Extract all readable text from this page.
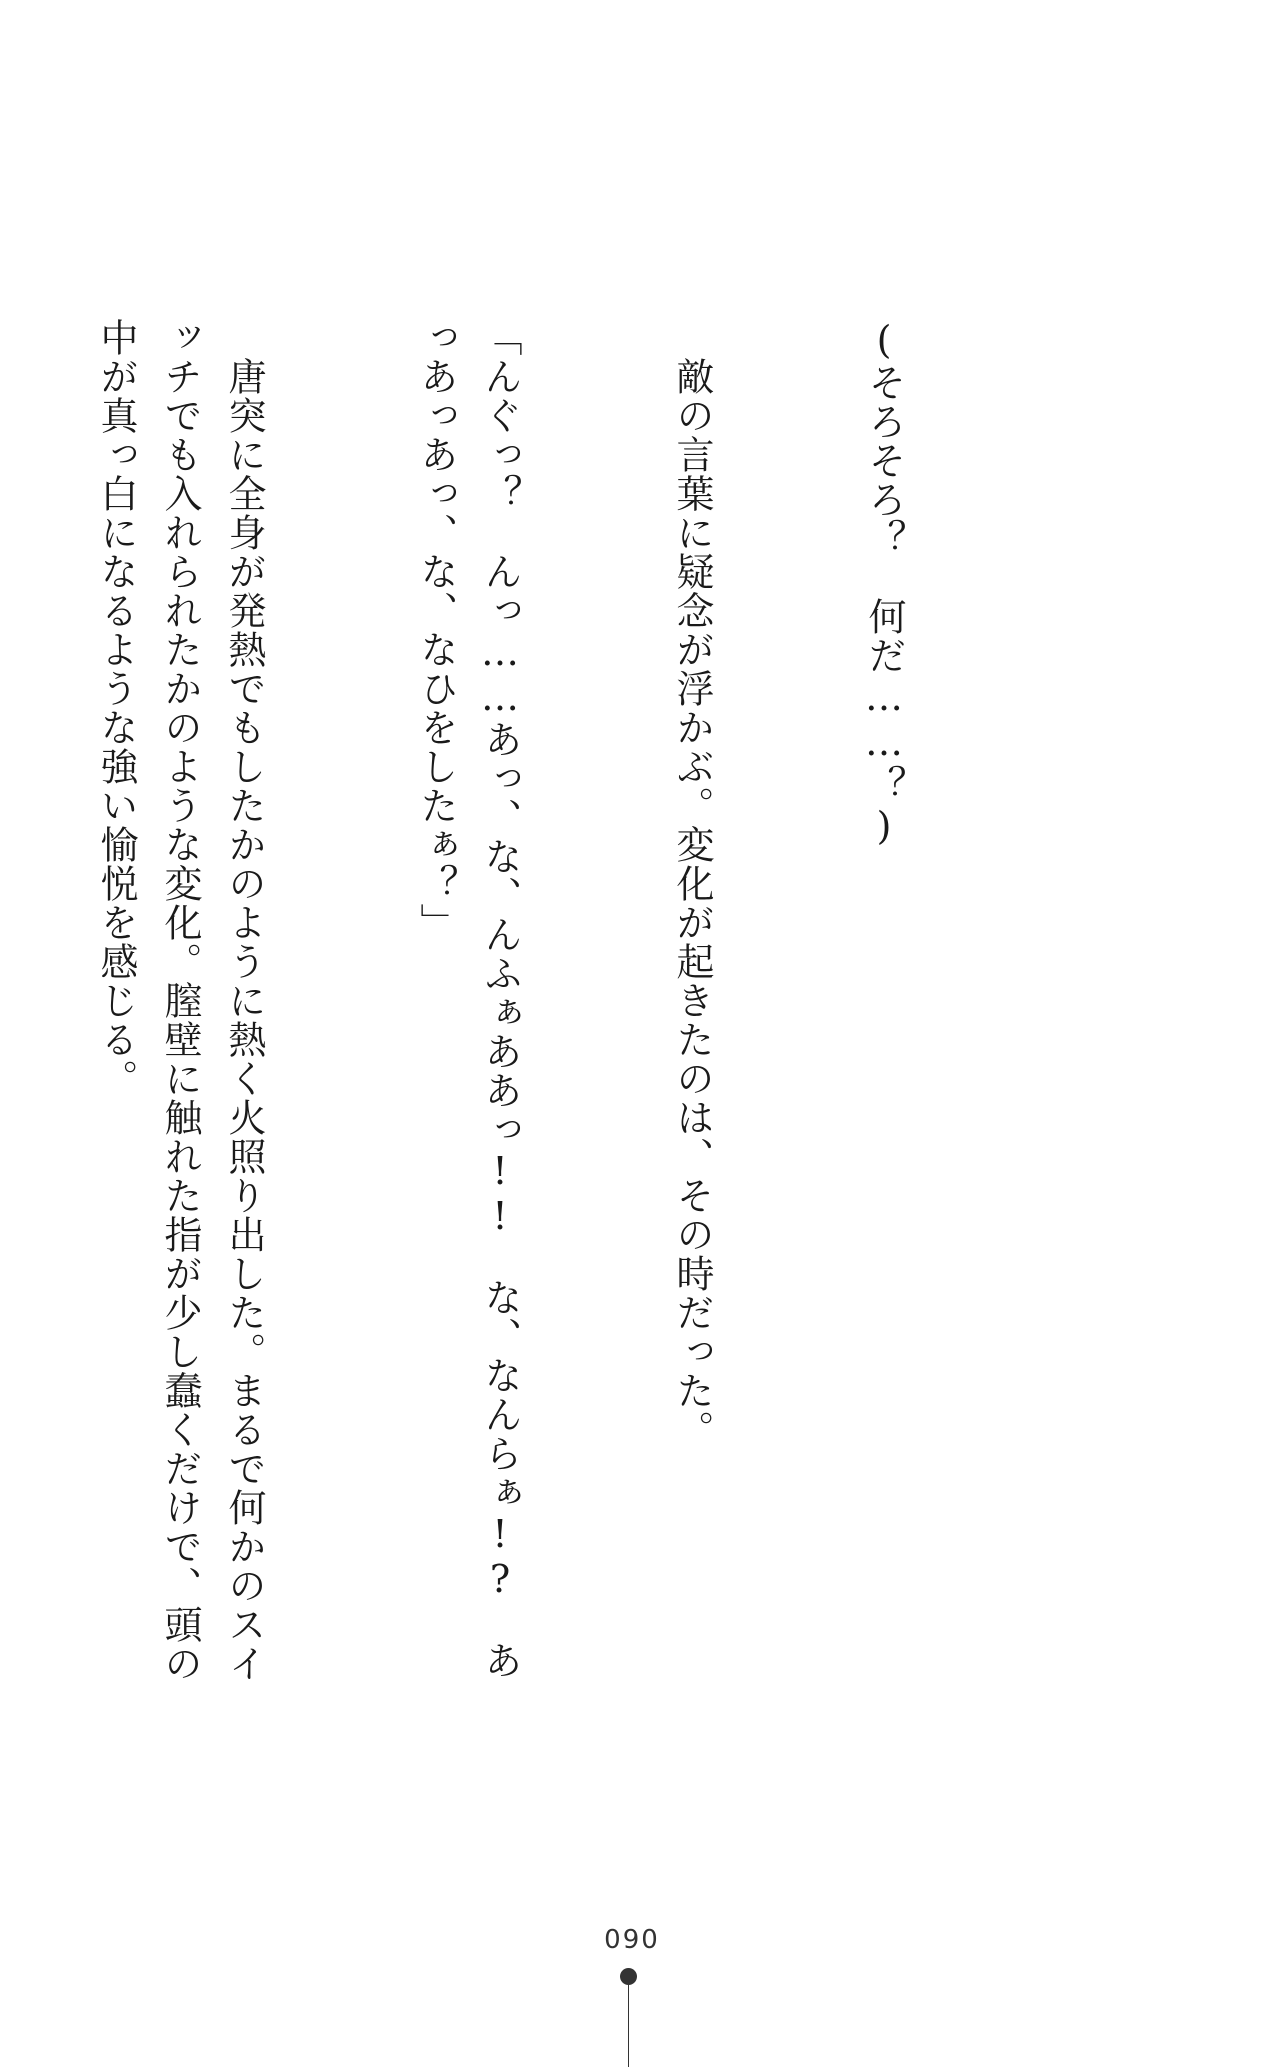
(そろそろ？　何だ……？)

　敵の言葉に疑念が浮かぶ。変化が起きたのは、その時だった。

「んぐっ？　んっ……あっ、な、んふぁああっ!!　な、なんらぁ!?　あっあっあっ、な、なひをしたぁ？」

　唐突に全身が発熱でもしたかのように熱く火照り出した。まるで何かのスイッチでも入れられたかのような変化。膣壁に触れた指が少し蠢くだけで、頭の中が真っ白になるような強い愉悦を感じる。

090
